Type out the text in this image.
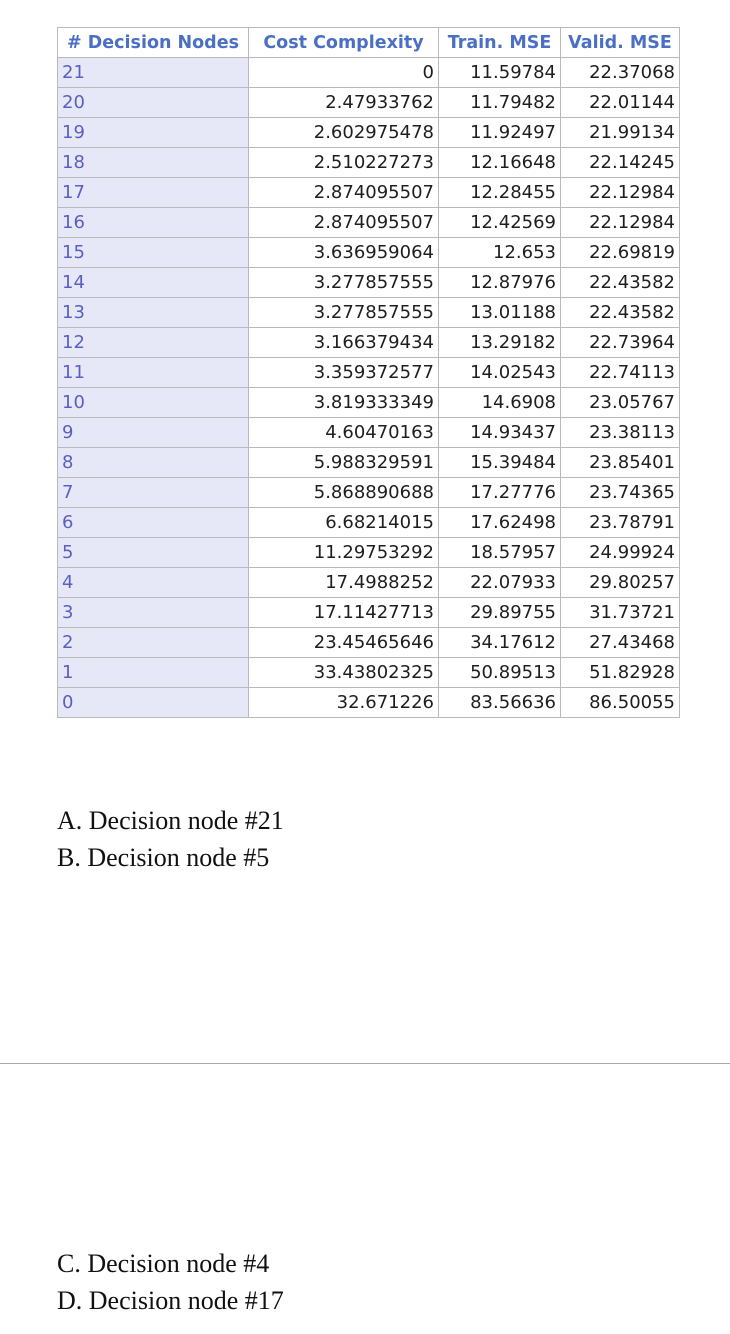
# Decision Nodes	Cost Complexity	Train. MSE	Valid. MSE
21	0	11.59784	22.37068
20	2.47933762	11.79482	22.01144
19	2.602975478	11.92497	21.99134
18	2.510227273	12.16648	22.14245
17	2.874095507	12.28455	22.12984
16	2.874095507	12.42569	22.12984
15	3.636959064	12.653	22.69819
14	3.277857555	12.87976	22.43582
13	3.277857555	13.01188	22.43582
12	3.166379434	13.29182	22.73964
11	3.359372577	14.02543	22.74113
10	3.819333349	14.6908	23.05767
9	4.60470163	14.93437	23.38113
8	5.988329591	15.39484	23.85401
7	5.868890688	17.27776	23.74365
6	6.68214015	17.62498	23.78791
5	11.29753292	18.57957	24.99924
4	17.4988252	22.07933	29.80257
3	17.11427713	29.89755	31.73721
2	23.45465646	34.17612	27.43468
1	33.43802325	50.89513	51.82928
0	32.671226	83.56636	86.50055
A. Decision node #21
B. Decision node #5
C. Decision node #4
D. Decision node #17
